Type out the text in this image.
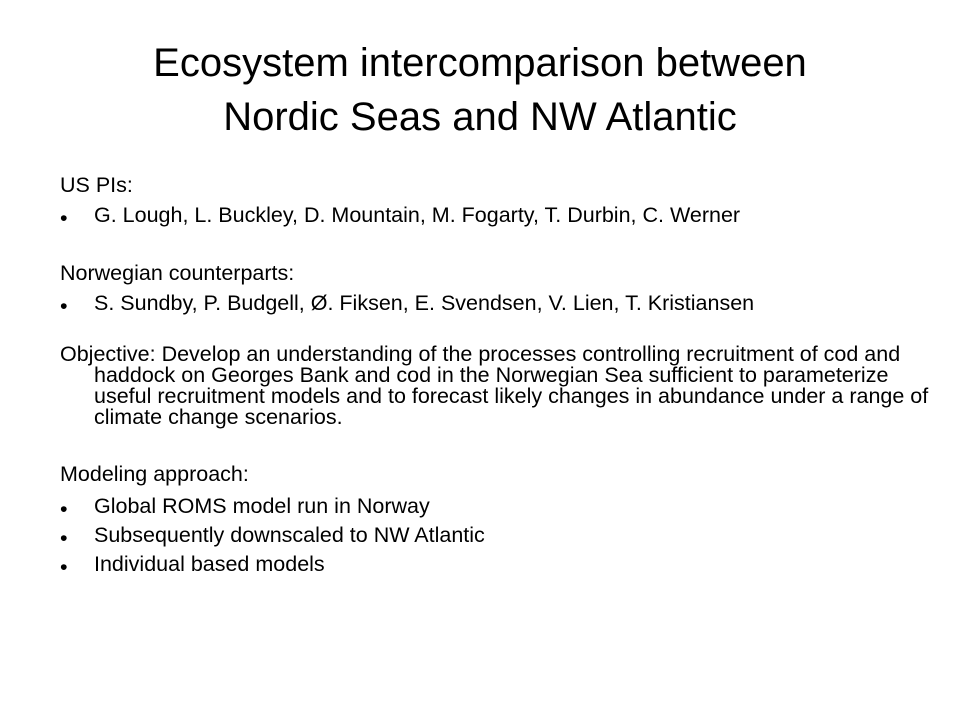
Ecosystem intercomparison between
Nordic Seas and NW Atlantic

US PIs:

• G. Lough, L. Buckley, D. Mountain, M. Fogarty, T. Durbin, C. Werner

Norwegian counterparts:

• S. Sundby, P. Budgell, Ø. Fiksen, E. Svendsen, V. Lien, T. Kristiansen

Objective: Develop an understanding of the processes controlling recruitment of cod and haddock on Georges Bank and cod in the Norwegian Sea sufficient to parameterize useful recruitment models and to forecast likely changes in abundance under a range of climate change scenarios.

Modeling approach:

• Global ROMS model run in Norway
• Subsequently downscaled to NW Atlantic
• Individual based models
